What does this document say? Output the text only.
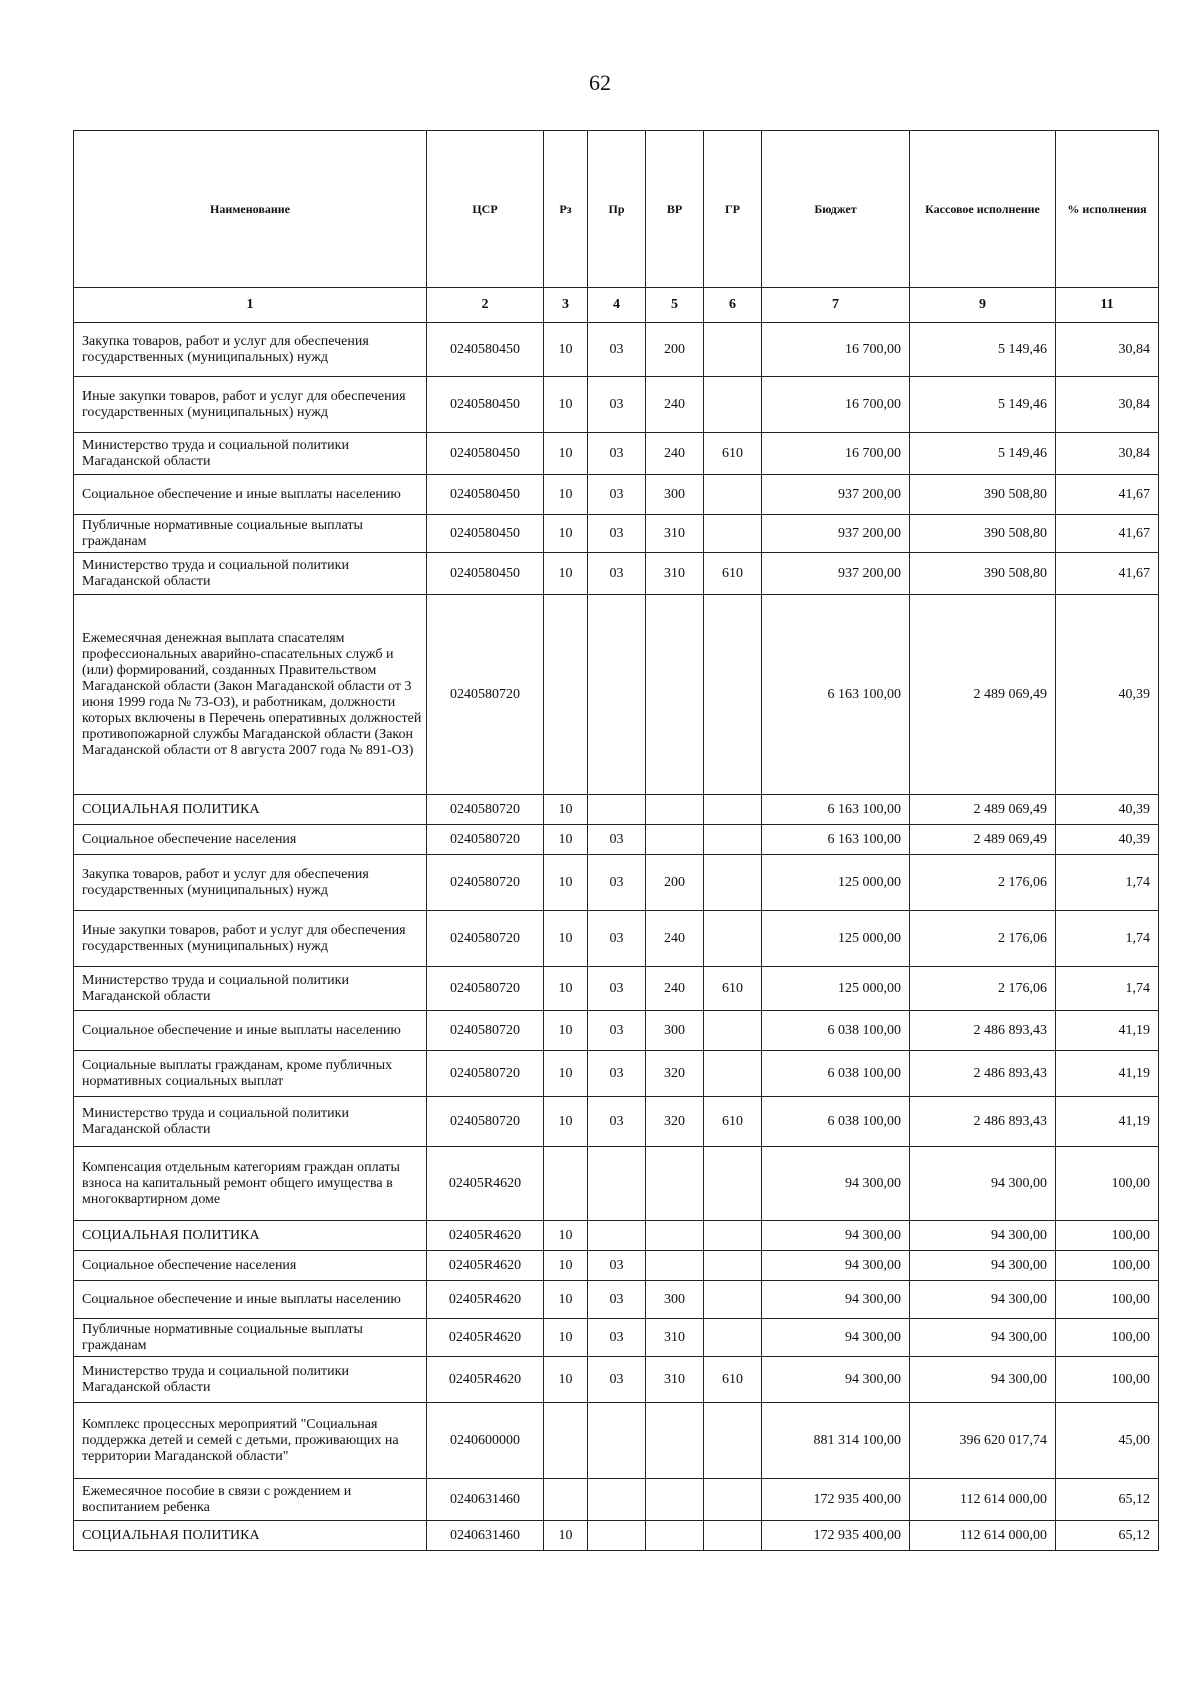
62
Наименование	ЦСР	Рз	Пр	ВР	ГР	Бюджет	Кассовое исполнение	% исполнения
1	2	3	4	5	6	7	9	11
Закупка товаров, работ и услуг для обеспечения государственных (муниципальных) нужд	0240580450	10	03	200		16 700,00	5 149,46	30,84
Иные закупки товаров, работ и услуг для обеспечения государственных (муниципальных) нужд	0240580450	10	03	240		16 700,00	5 149,46	30,84
Министерство труда и социальной политики Магаданской области	0240580450	10	03	240	610	16 700,00	5 149,46	30,84
Социальное обеспечение и иные выплаты населению	0240580450	10	03	300		937 200,00	390 508,80	41,67
Публичные нормативные социальные выплаты гражданам	0240580450	10	03	310		937 200,00	390 508,80	41,67
Министерство труда и социальной политики Магаданской области	0240580450	10	03	310	610	937 200,00	390 508,80	41,67
Ежемесячная денежная выплата спасателям профессиональных аварийно-спасательных служб и (или) формирований, созданных Правительством Магаданской области (Закон Магаданской области от 3 июня 1999 года № 73-ОЗ), и работникам, должности которых включены в Перечень оперативных должностей противопожарной службы Магаданской области (Закон Магаданской области от 8 августа 2007 года № 891-ОЗ)	0240580720					6 163 100,00	2 489 069,49	40,39
СОЦИАЛЬНАЯ ПОЛИТИКА	0240580720	10				6 163 100,00	2 489 069,49	40,39
Социальное обеспечение населения	0240580720	10	03			6 163 100,00	2 489 069,49	40,39
Закупка товаров, работ и услуг для обеспечения государственных (муниципальных) нужд	0240580720	10	03	200		125 000,00	2 176,06	1,74
Иные закупки товаров, работ и услуг для обеспечения государственных (муниципальных) нужд	0240580720	10	03	240		125 000,00	2 176,06	1,74
Министерство труда и социальной политики Магаданской области	0240580720	10	03	240	610	125 000,00	2 176,06	1,74
Социальное обеспечение и иные выплаты населению	0240580720	10	03	300		6 038 100,00	2 486 893,43	41,19
Социальные выплаты гражданам, кроме публичных нормативных социальных выплат	0240580720	10	03	320		6 038 100,00	2 486 893,43	41,19
Министерство труда и социальной политики Магаданской области	0240580720	10	03	320	610	6 038 100,00	2 486 893,43	41,19
Компенсация отдельным категориям граждан оплаты взноса на капитальный ремонт общего имущества в многоквартирном доме	02405R4620					94 300,00	94 300,00	100,00
СОЦИАЛЬНАЯ ПОЛИТИКА	02405R4620	10				94 300,00	94 300,00	100,00
Социальное обеспечение населения	02405R4620	10	03			94 300,00	94 300,00	100,00
Социальное обеспечение и иные выплаты населению	02405R4620	10	03	300		94 300,00	94 300,00	100,00
Публичные нормативные социальные выплаты гражданам	02405R4620	10	03	310		94 300,00	94 300,00	100,00
Министерство труда и социальной политики Магаданской области	02405R4620	10	03	310	610	94 300,00	94 300,00	100,00
Комплекс процессных мероприятий "Социальная поддержка детей и семей с детьми, проживающих на территории Магаданской области"	0240600000					881 314 100,00	396 620 017,74	45,00
Ежемесячное пособие в связи с рождением и воспитанием ребенка	0240631460					172 935 400,00	112 614 000,00	65,12
СОЦИАЛЬНАЯ ПОЛИТИКА	0240631460	10				172 935 400,00	112 614 000,00	65,12
